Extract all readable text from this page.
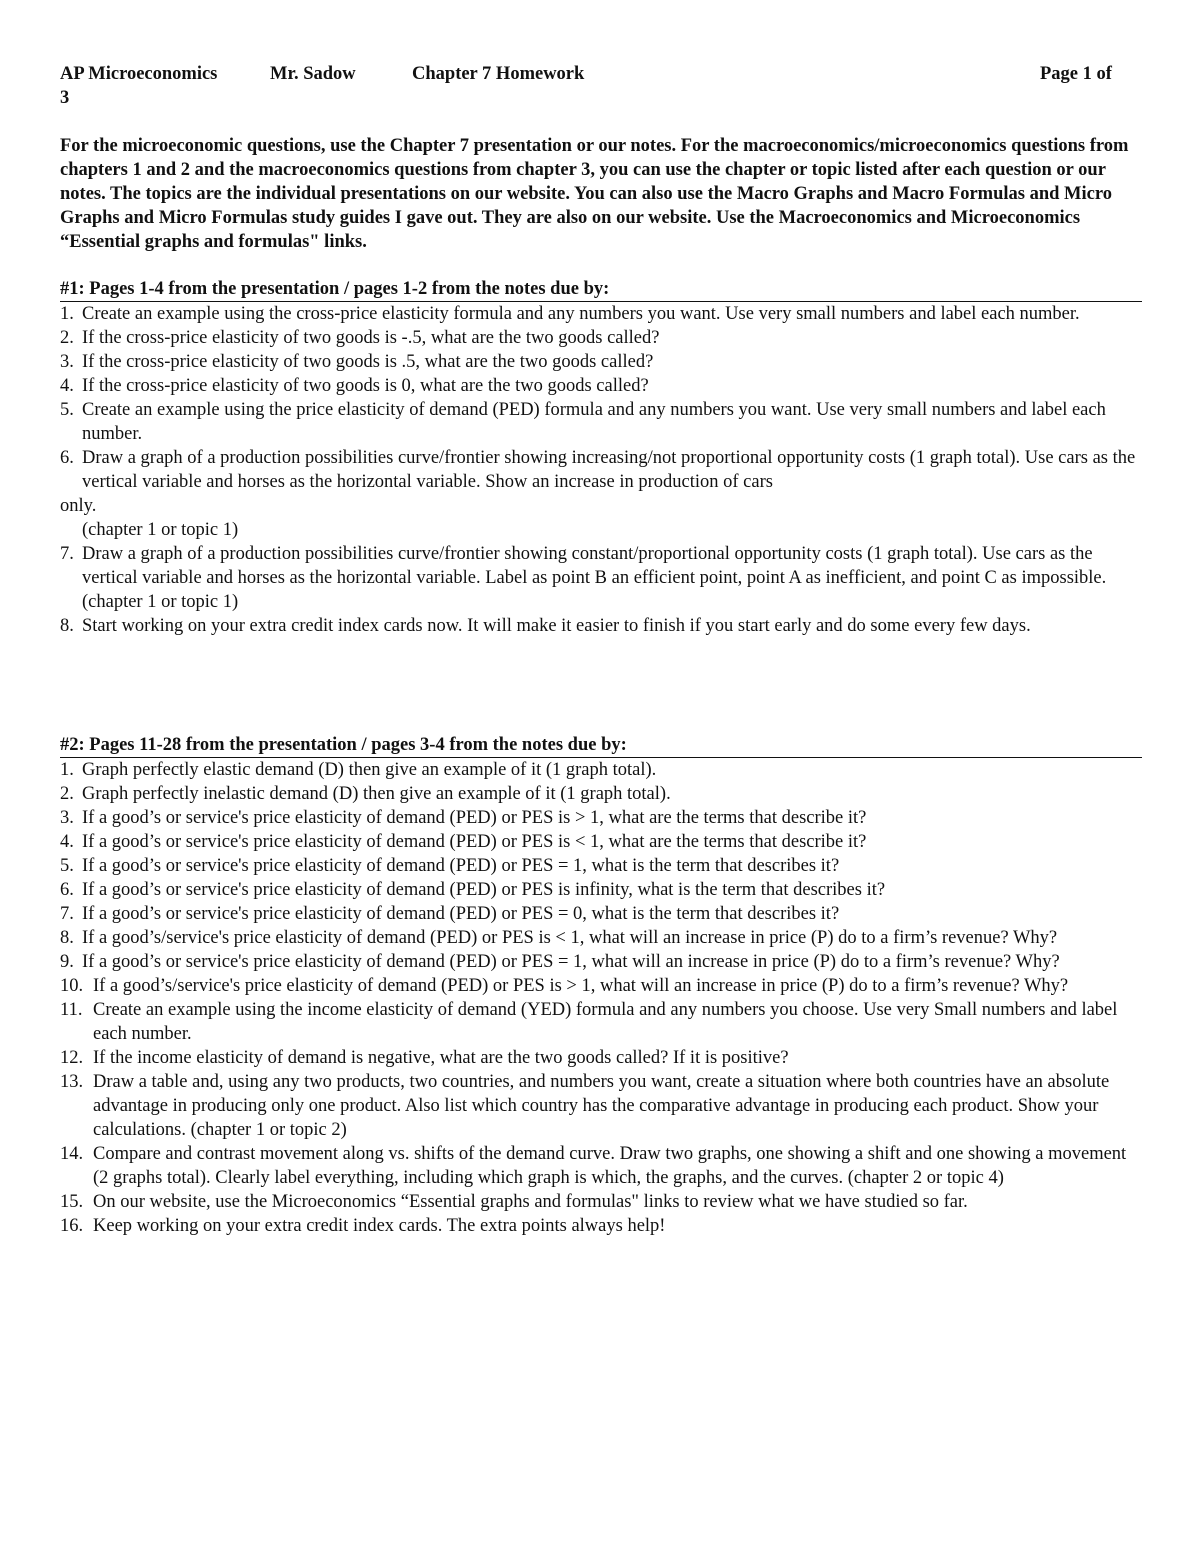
AP Microeconomics	Mr. Sadow	Chapter 7 Homework	Page 1 of
3
For the microeconomic questions, use the Chapter 7 presentation or our notes. For the macroeconomics/microeconomics questions from chapters 1 and 2 and the macroeconomics questions from chapter 3, you can use the chapter or topic listed after each question or our notes. The topics are the individual presentations on our website. You can also use the Macro Graphs and Macro Formulas and Micro Graphs and Micro Formulas study guides I gave out. They are also on our website. Use the Macroeconomics and Microeconomics “Essential graphs and formulas" links.
#1: Pages 1-4 from the presentation / pages 1-2 from the notes due by:
1. Create an example using the cross-price elasticity formula and any numbers you want. Use very small numbers and label each number.
2. If the cross-price elasticity of two goods is -.5, what are the two goods called?
3. If the cross-price elasticity of two goods is .5, what are the two goods called?
4. If the cross-price elasticity of two goods is 0, what are the two goods called?
5. Create an example using the price elasticity of demand (PED) formula and any numbers you want. Use very small numbers and label each number.
6. Draw a graph of a production possibilities curve/frontier showing increasing/not proportional opportunity costs (1 graph total). Use cars as the vertical variable and horses as the horizontal variable. Show an increase in production of cars
only.
(chapter 1 or topic 1)
7. Draw a graph of a production possibilities curve/frontier showing constant/proportional opportunity costs (1 graph total). Use cars as the vertical variable and horses as the horizontal variable. Label as point B an efficient point, point A as inefficient, and point C as impossible. (chapter 1 or topic 1)
8. Start working on your extra credit index cards now. It will make it easier to finish if you start early and do some every few days.
#2: Pages 11-28 from the presentation / pages 3-4 from the notes due by:
1. Graph perfectly elastic demand (D) then give an example of it (1 graph total).
2. Graph perfectly inelastic demand (D) then give an example of it (1 graph total).
3. If a good’s or service's price elasticity of demand (PED) or PES is > 1, what are the terms that describe it?
4. If a good’s or service's price elasticity of demand (PED) or PES is < 1, what are the terms that describe it?
5. If a good’s or service's price elasticity of demand (PED) or PES = 1, what is the term that describes it?
6. If a good’s or service's price elasticity of demand (PED) or PES is infinity, what is the term that describes it?
7. If a good’s or service's price elasticity of demand (PED) or PES = 0, what is the term that describes it?
8. If a good’s/service's price elasticity of demand (PED) or PES is < 1, what will an increase in price (P) do to a firm’s revenue? Why?
9. If a good’s or service's price elasticity of demand (PED) or PES = 1, what will an increase in price (P) do to a firm’s revenue? Why?
10. If a good’s/service's price elasticity of demand (PED) or PES is > 1, what will an increase in price (P) do to a firm’s revenue? Why?
11. Create an example using the income elasticity of demand (YED) formula and any numbers you choose. Use very Small numbers and label each number.
12. If the income elasticity of demand is negative, what are the two goods called? If it is positive?
13. Draw a table and, using any two products, two countries, and numbers you want, create a situation where both countries have an absolute advantage in producing only one product. Also list which country has the comparative advantage in producing each product. Show your calculations. (chapter 1 or topic 2)
14. Compare and contrast movement along vs. shifts of the demand curve. Draw two graphs, one showing a shift and one showing a movement (2 graphs total). Clearly label everything, including which graph is which, the graphs, and the curves. (chapter 2 or topic 4)
15. On our website, use the Microeconomics “Essential graphs and formulas" links to review what we have studied so far.
16. Keep working on your extra credit index cards. The extra points always help!
